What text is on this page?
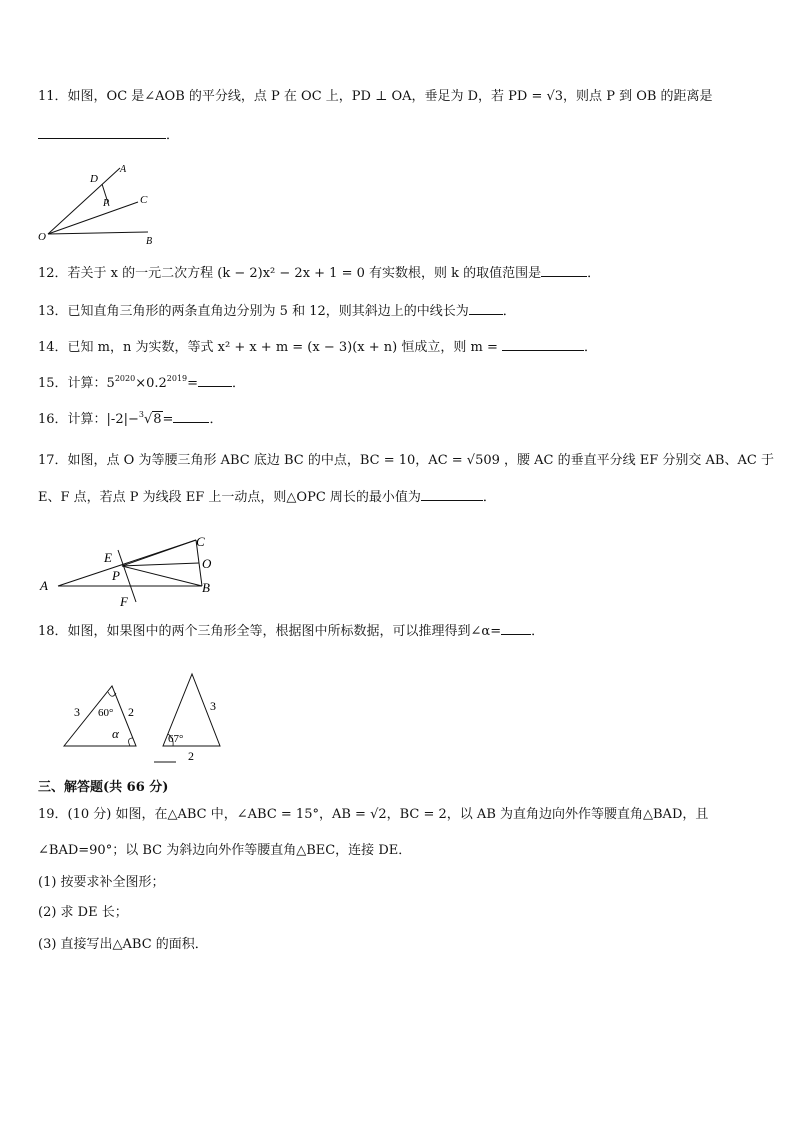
11．如图，OC 是∠AOB 的平分线，点 P 在 OC 上，PD ⊥ OA，垂足为 D，若 PD = √3，则点 P 到 OB 的距离是
．
D
A
P	C
O	B
12．若关于 x 的一元二次方程 (k − 2)x² − 2x + 1 = 0 有实数根，则 k 的取值范围是	．
13．已知直角三角形的两条直角边分别为 5 和 12，则其斜边上的中线长为	．
14．已知 m，n 为实数，等式 x² + x + m = (x − 3)(x + n) 恒成立，则 m =	．
15．计算：$5^{2020}\times 0.2^{2019}=$	．
16．计算：|-2|−$^3$√8=	．
17．如图，点 O 为等腰三角形 ABC 底边 BC 的中点，BC = 10，AC = √509 ，腰 AC 的垂直平分线 EF 分别交 AB、AC 于
E、F 点，若点 P 为线段 EF 上一动点，则△OPC 周长的最小值为	．
E
C
P
O
A	B
F
18．如图，如果图中的两个三角形全等，根据图中所标数据，可以推理得到∠α= ．
3 60° 2
α
3
67°
2
三、解答题(共 66 分)
19．(10 分) 如图，在△ABC 中，∠ABC = 15°，AB = √2，BC = 2，以 AB 为直角边向外作等腰直角△BAD，且
∠BAD=90°；以 BC 为斜边向外作等腰直角△BEC，连接 DE．
(1) 按要求补全图形；
(2) 求 DE 长；
(3) 直接写出△ABC 的面积．
